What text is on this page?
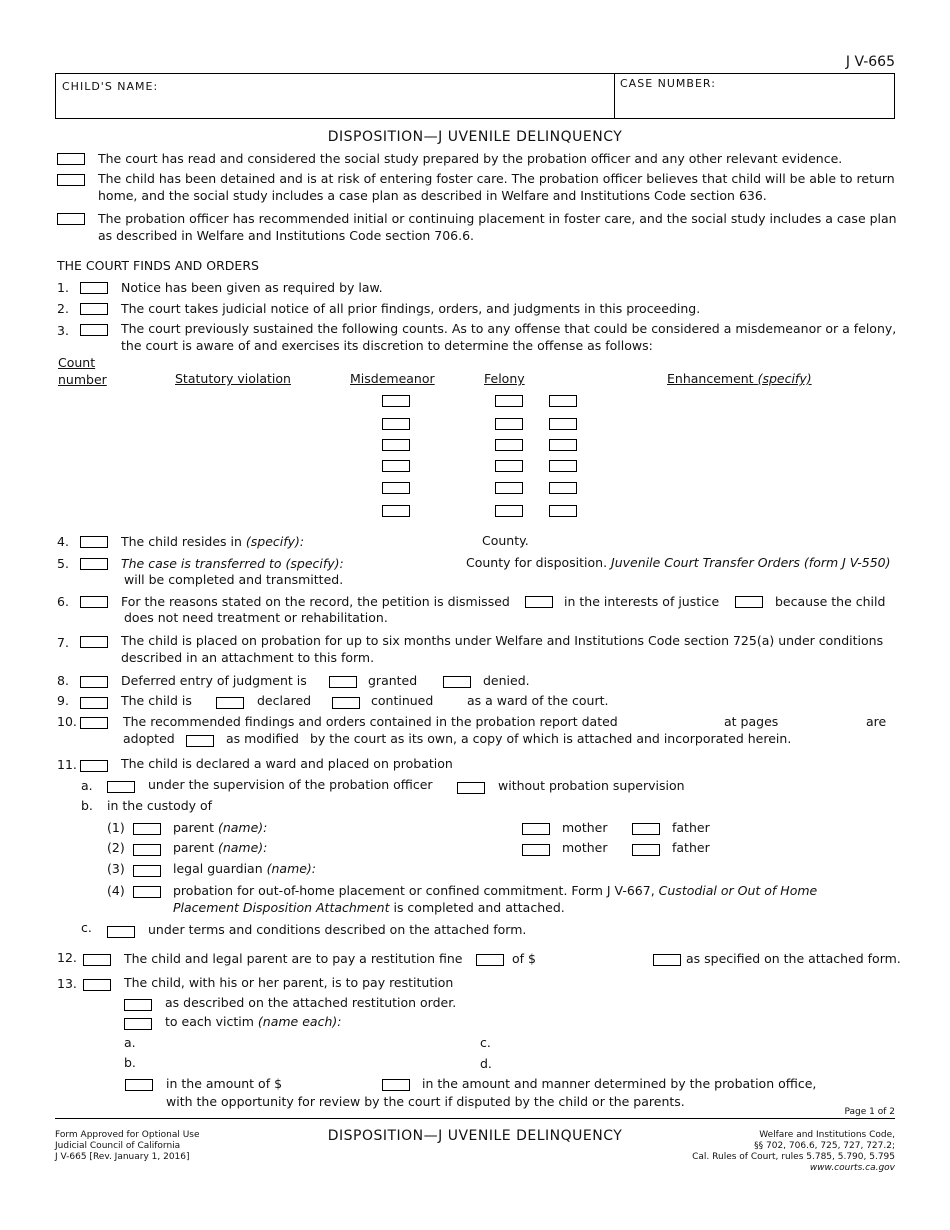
J V-665
CHILD'S NAME:	CASE NUMBER:
DISPOSITION—J UVENILE DELINQUENCY
The court has read and considered the social study prepared by the probation officer and any other relevant evidence.
The child has been detained and is at risk of entering foster care. The probation officer believes that child will be able to return
home, and the social study includes a case plan as described in Welfare and Institutions Code section 636.
The probation officer has recommended initial or continuing placement in foster care, and the social study includes a case plan
as described in Welfare and Institutions Code section 706.6.
THE COURT FINDS AND ORDERS
1.	Notice has been given as required by law.
2.	The court takes judicial notice of all prior findings, orders, and judgments in this proceeding.
3.	The court previously sustained the following counts. As to any offense that could be considered a misdemeanor or a felony,
the court is aware of and exercises its discretion to determine the offense as follows:
Count
number	Statutory violation	Misdemeanor	Felony	Enhancement (specify)
4.	The child resides in (specify):	County.
5.	The case is transferred to (specify):	County for disposition. Juvenile Court Transfer Orders (form J V-550)
will be completed and transmitted.
6.	For the reasons stated on the record, the petition is dismissed	in the interests of justice	because the child
does not need treatment or rehabilitation.
7.	The child is placed on probation for up to six months under Welfare and Institutions Code section 725(a) under conditions
described in an attachment to this form.
8.	Deferred entry of judgment is	granted	denied.
9.	The child is	declared	continued	as a ward of the court.
10.	The recommended findings and orders contained in the probation report dated	at pages	are
adopted	as modified by the court as its own, a copy of which is attached and incorporated herein.
11.	The child is declared a ward and placed on probation
a.	under the supervision of the probation officer	without probation supervision
b. in the custody of
(1)	parent (name):	mother	father
(2)	parent (name):	mother	father
(3)	legal guardian (name):
(4)	probation for out-of-home placement or confined commitment. Form J V-667, Custodial or Out of Home
Placement Disposition Attachment is completed and attached.
c.	under terms and conditions described on the attached form.
12.	The child and legal parent are to pay a restitution fine	of $	as specified on the attached form.
13.	The child, with his or her parent, is to pay restitution
as described on the attached restitution order.
to each victim (name each):
a.
b.
c.
d.
in the amount of $	in the amount and manner determined by the probation office,
with the opportunity for review by the court if disputed by the child or the parents.
Page 1 of 2
Form Approved for Optional Use
Judicial Council of California
J V-665 [Rev. January 1, 2016]
DISPOSITION—J UVENILE DELINQUENCY	Welfare and Institutions Code,
§§ 702, 706.6, 725, 727, 727.2;
Cal. Rules of Court, rules 5.785, 5.790, 5.795
www.courts.ca.gov
